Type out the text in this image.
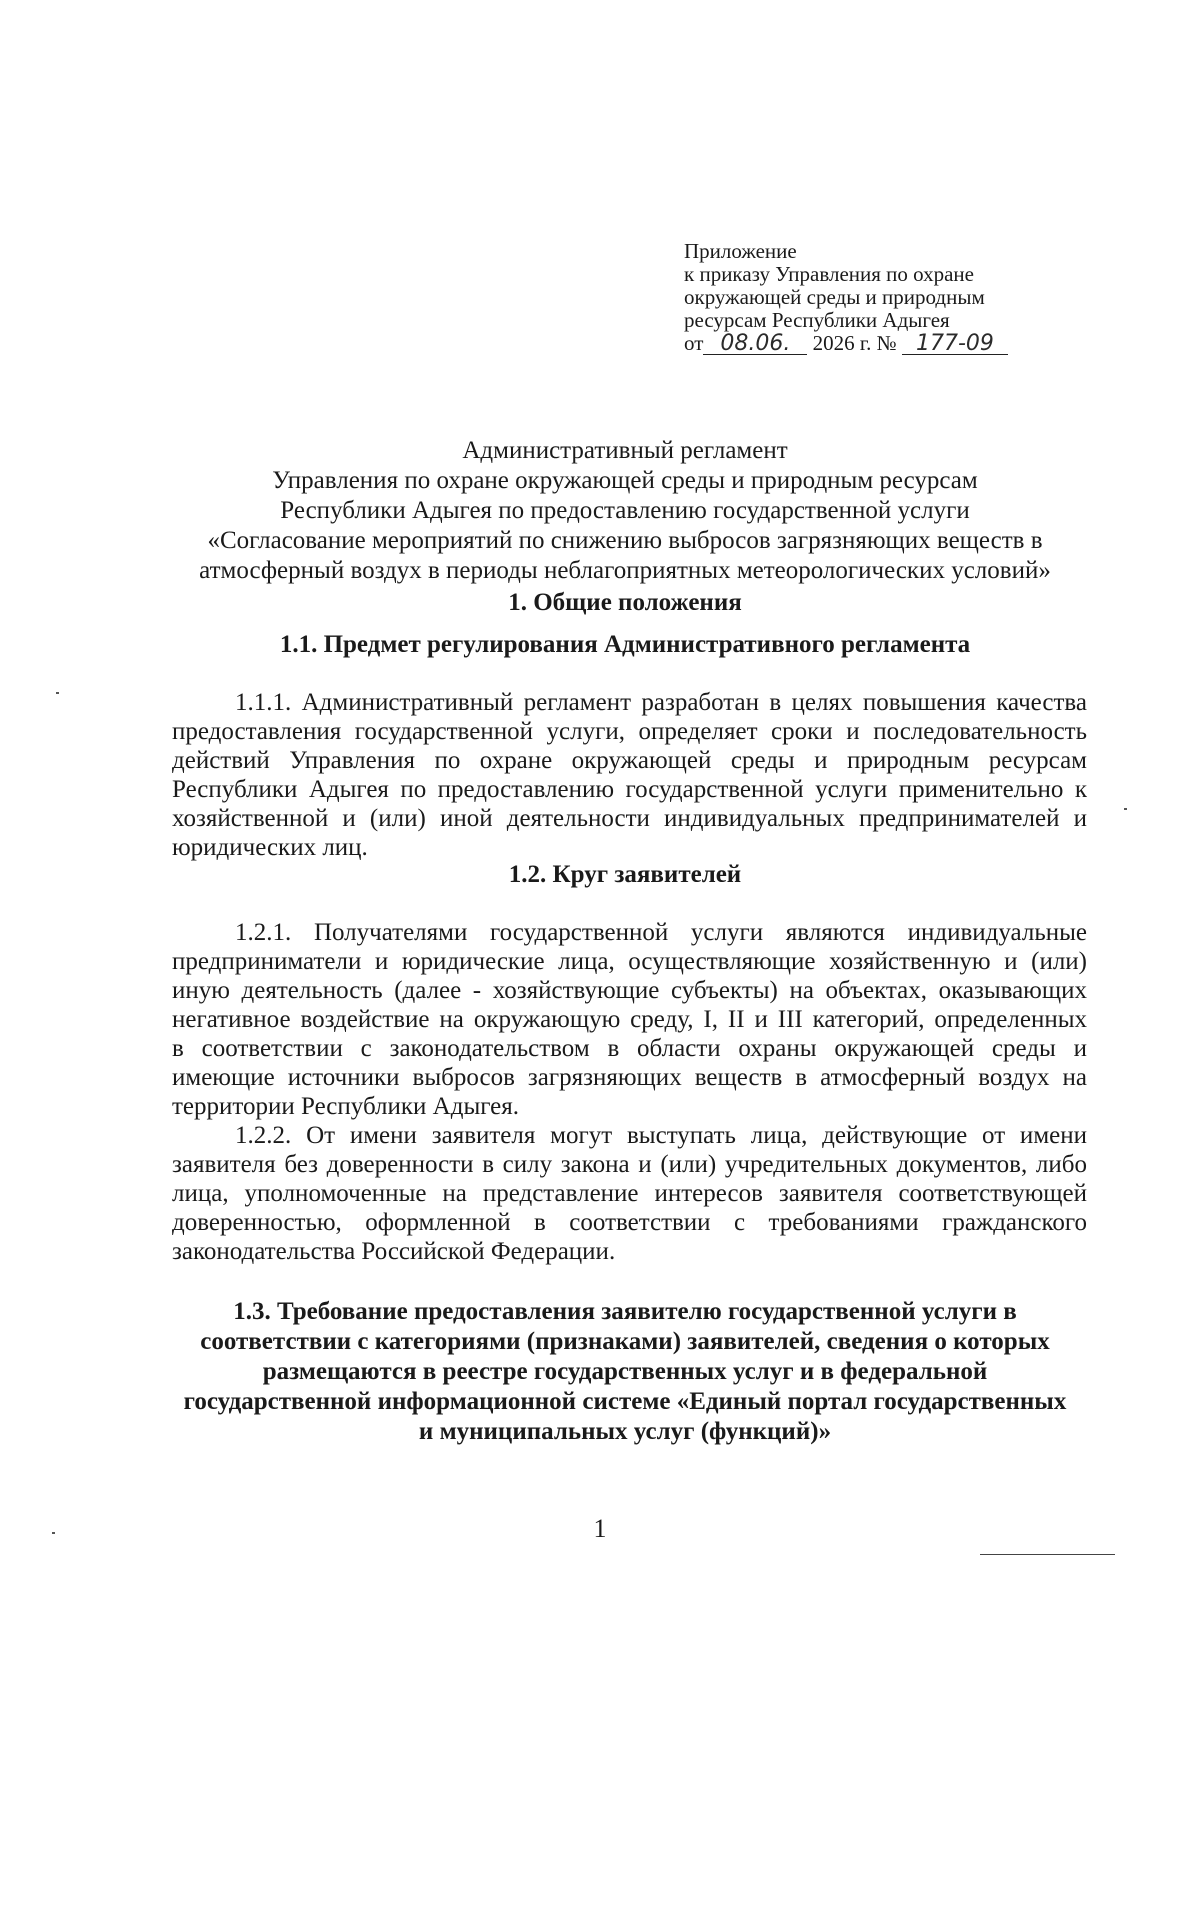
Приложение
к приказу Управления по охране
окружающей среды и природным
ресурсам Республики Адыгея
от 08.06. 2026 г. № 177-09
Административный регламент
Управления по охране окружающей среды и природным ресурсам
Республики Адыгея по предоставлению государственной услуги
«Согласование мероприятий по снижению выбросов загрязняющих веществ в
атмосферный воздух в периоды неблагоприятных метеорологических условий»
1. Общие положения
1.1. Предмет регулирования Административного регламента
1.1.1. Административный регламент разработан в целях повышения качества
предоставления государственной услуги, определяет сроки и последовательность
действий Управления по охране окружающей среды и природным ресурсам
Республики Адыгея по предоставлению государственной услуги применительно к
хозяйственной и (или) иной деятельности индивидуальных предпринимателей и
юридических лиц.
1.2. Круг заявителей
1.2.1. Получателями государственной услуги являются индивидуальные
предприниматели и юридические лица, осуществляющие хозяйственную и (или)
иную деятельность (далее - хозяйствующие субъекты) на объектах, оказывающих
негативное воздействие на окружающую среду, I, II и III категорий, определенных
в соответствии с законодательством в области охраны окружающей среды и
имеющие источники выбросов загрязняющих веществ в атмосферный воздух на
территории Республики Адыгея.
1.2.2. От имени заявителя могут выступать лица, действующие от имени
заявителя без доверенности в силу закона и (или) учредительных документов, либо
лица, уполномоченные на представление интересов заявителя соответствующей
доверенностью, оформленной в соответствии с требованиями гражданского
законодательства Российской Федерации.
1.3. Требование предоставления заявителю государственной услуги в
соответствии с категориями (признаками) заявителей, сведения о которых
размещаются в реестре государственных услуг и в федеральной
государственной информационной системе «Единый портал государственных
и муниципальных услуг (функций)»
1
